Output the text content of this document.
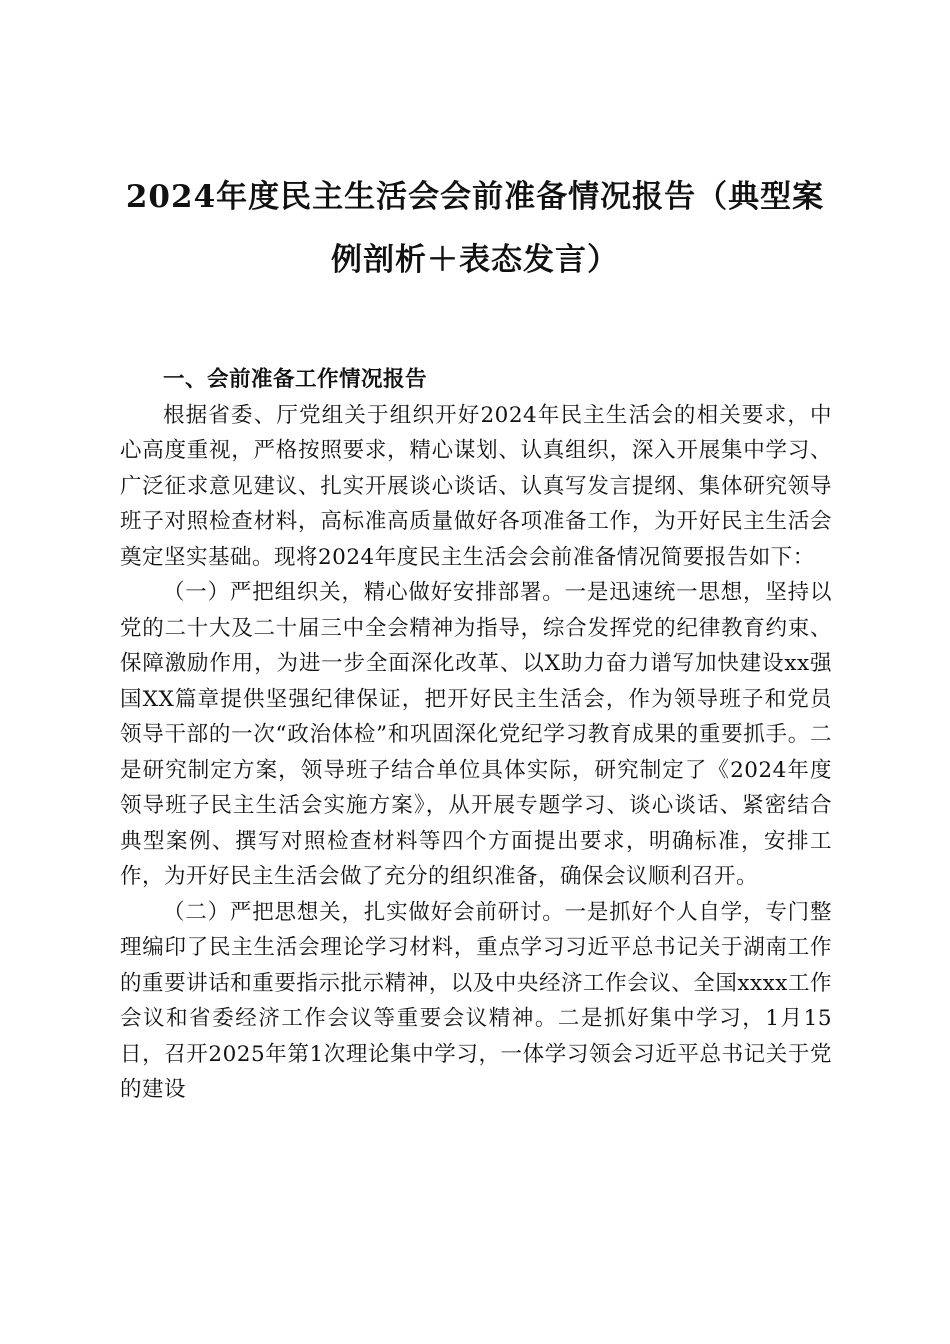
2024年度民主生活会会前准备情况报告（典型案例剖析＋表态发言）

一、会前准备工作情况报告

根据省委、厅党组关于组织开好2024年民主生活会的相关要求，中心高度重视，严格按照要求，精心谋划、认真组织，深入开展集中学习、广泛征求意见建议、扎实开展谈心谈话、认真写发言提纲、集体研究领导班子对照检查材料，高标准高质量做好各项准备工作，为开好民主生活会奠定坚实基础。现将2024年度民主生活会会前准备情况简要报告如下：

（一）严把组织关，精心做好安排部署。一是迅速统一思想，坚持以党的二十大及二十届三中全会精神为指导，综合发挥党的纪律教育约束、保障激励作用，为进一步全面深化改革、以X助力奋力谱写加快建设xx强国XX篇章提供坚强纪律保证，把开好民主生活会，作为领导班子和党员领导干部的一次“政治体检”和巩固深化党纪学习教育成果的重要抓手。二是研究制定方案，领导班子结合单位具体实际，研究制定了《2024年度领导班子民主生活会实施方案》，从开展专题学习、谈心谈话、紧密结合典型案例、撰写对照检查材料等四个方面提出要求，明确标准，安排工作，为开好民主生活会做了充分的组织准备，确保会议顺利召开。

（二）严把思想关，扎实做好会前研讨。一是抓好个人自学，专门整理编印了民主生活会理论学习材料，重点学习习近平总书记关于湖南工作的重要讲话和重要指示批示精神，以及中央经济工作会议、全国xxxx工作会议和省委经济工作会议等重要会议精神。二是抓好集中学习，1月15日，召开2025年第1次理论集中学习，一体学习领会习近平总书记关于党的建设
